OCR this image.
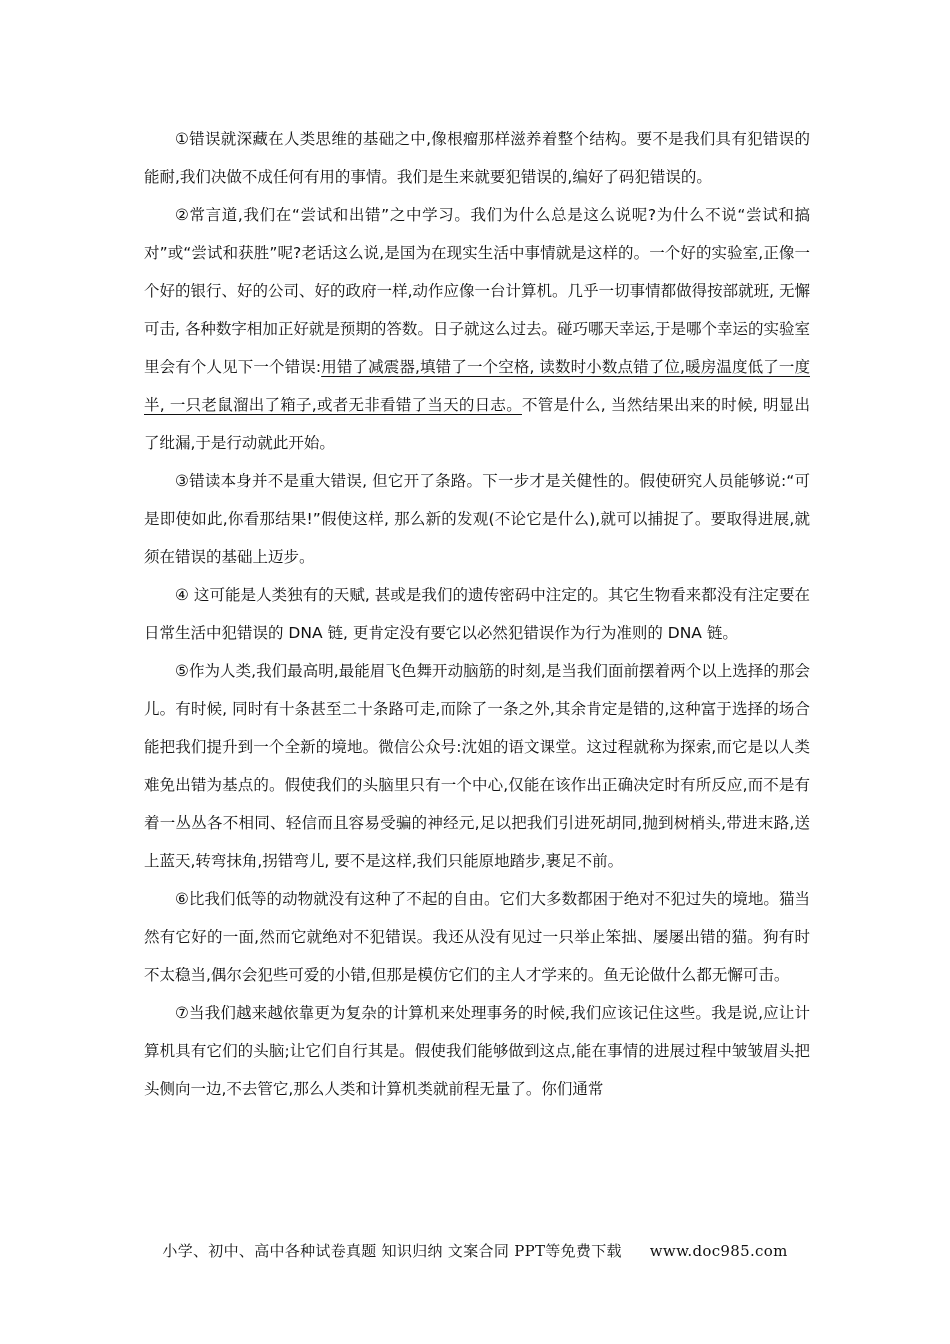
①错误就深藏在人类思维的基础之中,像根瘤那样滋养着整个结构。要不是我们具有犯错误的能耐,我们决做不成任何有用的事情。我们是生来就要犯错误的,编好了码犯错误的。

②常言道,我们在“尝试和出错”之中学习。我们为什么总是这么说呢?为什么不说“尝试和搞对”或“尝试和获胜”呢?老话这么说,是国为在现实生活中事情就是这样的。一个好的实验室,正像一个好的银行、好的公司、好的政府一样,动作应像一台计算机。几乎一切事情都做得按部就班, 无懈可击, 各种数字相加正好就是预期的答数。日子就这么过去。碰巧哪天幸运,于是哪个幸运的实验室里会有个人见下一个错误:用错了减震器,填错了一个空格, 读数时小数点错了位,暖房温度低了一度半, 一只老鼠溜出了箱子,或者无非看错了当天的日志。不管是什么, 当然结果出来的时候, 明显出了纰漏,于是行动就此开始。

③错读本身并不是重大错误, 但它开了条路。下一步才是关健性的。假使研究人员能够说:“可是即使如此,你看那结果!”假使这样, 那么新的发观(不论它是什么),就可以捕捉了。要取得进展,就须在错误的基础上迈步。

④ 这可能是人类独有的天赋, 甚或是我们的遗传密码中注定的。其它生物看来都没有注定要在日常生活中犯错误的 DNA 链, 更肯定没有要它以必然犯错误作为行为准则的 DNA 链。

⑤作为人类,我们最高明,最能眉飞色舞开动脑筋的时刻,是当我们面前摆着两个以上选择的那会儿。有时候, 同时有十条甚至二十条路可走,而除了一条之外,其余肯定是错的,这种富于选择的场合能把我们提升到一个全新的境地。微信公众号:沈姐的语文课堂。这过程就称为探索,而它是以人类难免出错为基点的。假使我们的头脑里只有一个中心,仅能在该作出正确决定时有所反应,而不是有着一丛丛各不相同、轻信而且容易受骗的神经元,足以把我们引进死胡同,抛到树梢头,带进末路,送上蓝天,转弯抹角,拐错弯儿, 要不是这样,我们只能原地踏步,裹足不前。

⑥比我们低等的动物就没有这种了不起的自由。它们大多数都困于绝对不犯过失的境地。猫当然有它好的一面,然而它就绝对不犯错误。我还从没有见过一只举止笨拙、屡屡出错的猫。狗有时不太稳当,偶尔会犯些可爱的小错,但那是模仿它们的主人才学来的。鱼无论做什么都无懈可击。

⑦当我们越来越依靠更为复杂的计算机来处理事务的时候,我们应该记住这些。我是说,应让计算机具有它们的头脑;让它们自行其是。假使我们能够做到这点,能在事情的进展过程中皱皱眉头把头侧向一边,不去管它,那么人类和计算机类就前程无量了。你们通常

小学、初中、高中各种试卷真题 知识归纳 文案合同 PPT等免费下载 www.doc985.com
